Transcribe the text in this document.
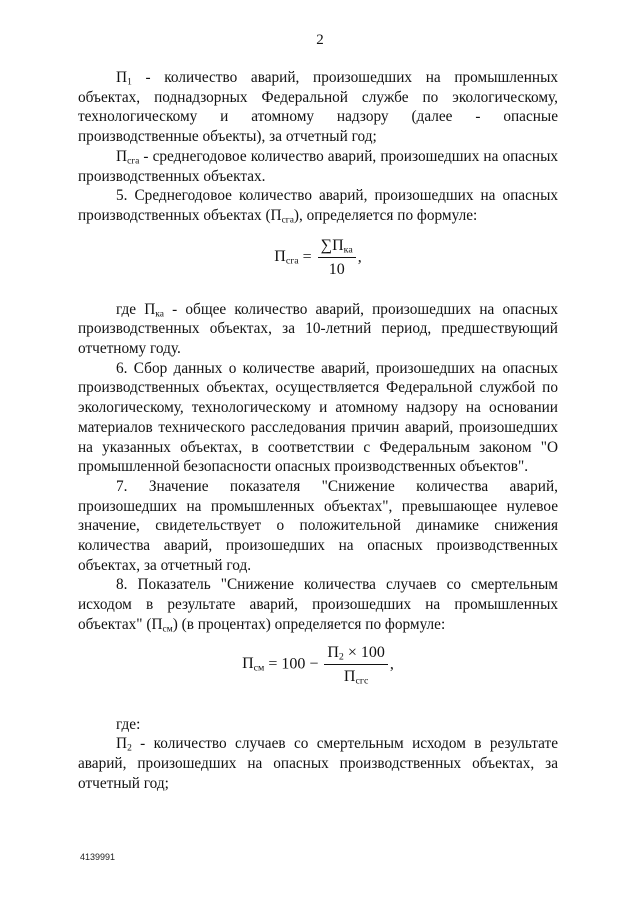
2

$П_1$ - количество аварий, произошедших на промышленных объектах, поднадзорных Федеральной службе по экологическому, технологическому и атомному надзору (далее - опасные производственные объекты), за отчетный год;

$П_{сга}$ - среднегодовое количество аварий, произошедших на опасных производственных объектах.

5. Среднегодовое количество аварий, произошедших на опасных производственных объектах $(П_{сга})$, определяется по формуле:

$П_{сга} = \frac{\sum П_{ка}}{10}$ ,

где $П_{ка}$ - общее количество аварий, произошедших на опасных производственных объектах, за 10-летний период, предшествующий отчетному году.

6. Сбор данных о количестве аварий, произошедших на опасных производственных объектах, осуществляется Федеральной службой по экологическому, технологическому и атомному надзору на основании материалов технического расследования причин аварий, произошедших на указанных объектах, в соответствии с Федеральным законом "О промышленной безопасности опасных производственных объектов".

7. Значение показателя "Снижение количества аварий, произошедших на промышленных объектах", превышающее нулевое значение, свидетельствует о положительной динамике снижения количества аварий, произошедших на опасных производственных объектах, за отчетный год.

8. Показатель "Снижение количества случаев со смертельным исходом в результате аварий, произошедших на промышленных объектах" $(П_{см})$ (в процентах) определяется по формуле:

$П_{см} = 100 - \frac{П_2 \times 100}{П_{сгс}}$ ,

где:

$П_2$ - количество случаев со смертельным исходом в результате аварий, произошедших на опасных производственных объектах, за отчетный год;

4139991
